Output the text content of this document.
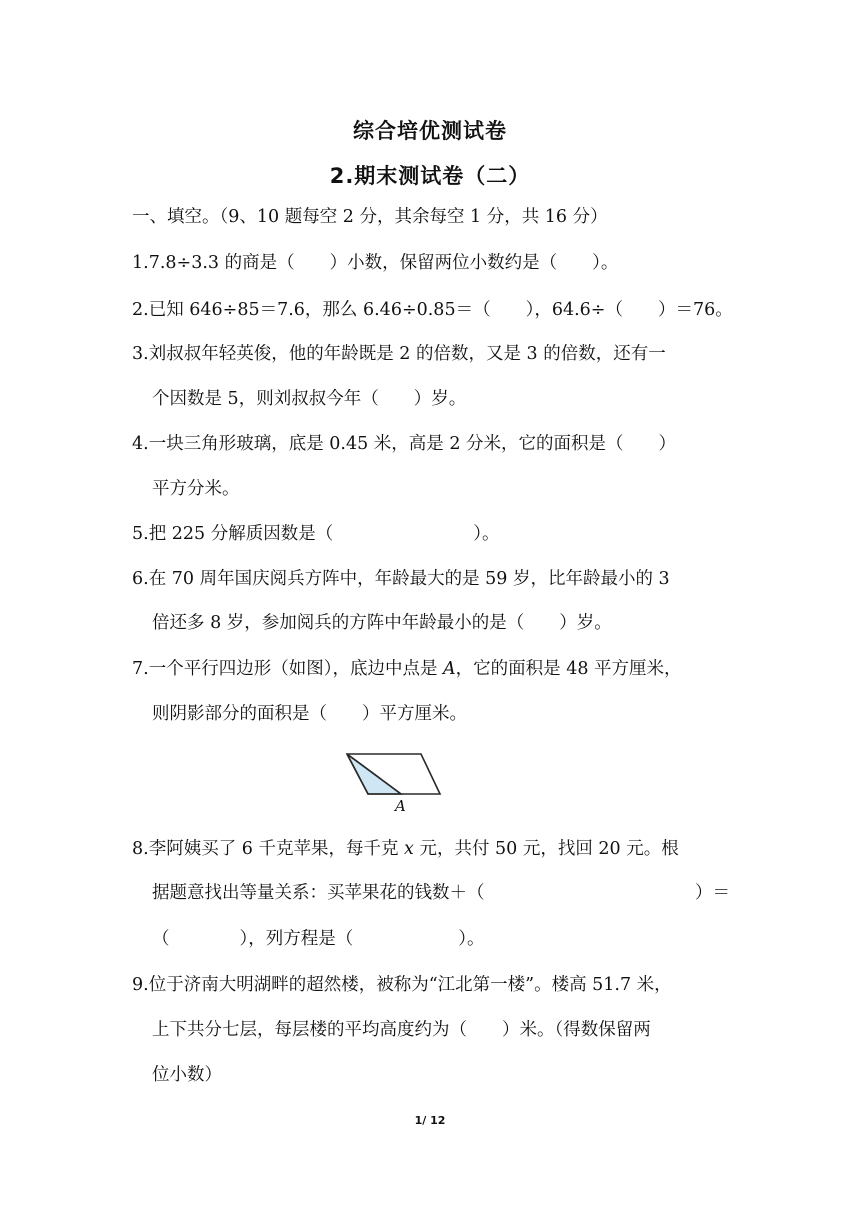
综合培优测试卷
2.期末测试卷（二）
一、填空。（9、10 题每空 2 分，其余每空 1 分，共 16 分）
1.7.8÷3.3 的商是（　　）小数，保留两位小数约是（　　）。
2.已知 646÷85＝7.6，那么 6.46÷0.85＝（　　），64.6÷（　　）＝76。
3.刘叔叔年轻英俊，他的年龄既是 2 的倍数，又是 3 的倍数，还有一
个因数是 5，则刘叔叔今年（　　）岁。
4.一块三角形玻璃，底是 0.45 米，高是 2 分米，它的面积是（　　）
平方分米。
5.把 225 分解质因数是（　　　　　　　　）。
6.在 70 周年国庆阅兵方阵中，年龄最大的是 59 岁，比年龄最小的 3
倍还多 8 岁，参加阅兵的方阵中年龄最小的是（　　）岁。
7.一个平行四边形（如图），底边中点是 A，它的面积是 48 平方厘米，
则阴影部分的面积是（　　）平方厘米。
A
8.李阿姨买了 6 千克苹果，每千克 x 元，共付 50 元，找回 20 元。根
据题意找出等量关系：买苹果花的钱数＋（	）＝
（　　　　），列方程是（　　　　　　）。
9.位于济南大明湖畔的超然楼，被称为“江北第一楼”。楼高 51.7 米，
上下共分七层，每层楼的平均高度约为（　　）米。（得数保留两
位小数）
1/ 12
